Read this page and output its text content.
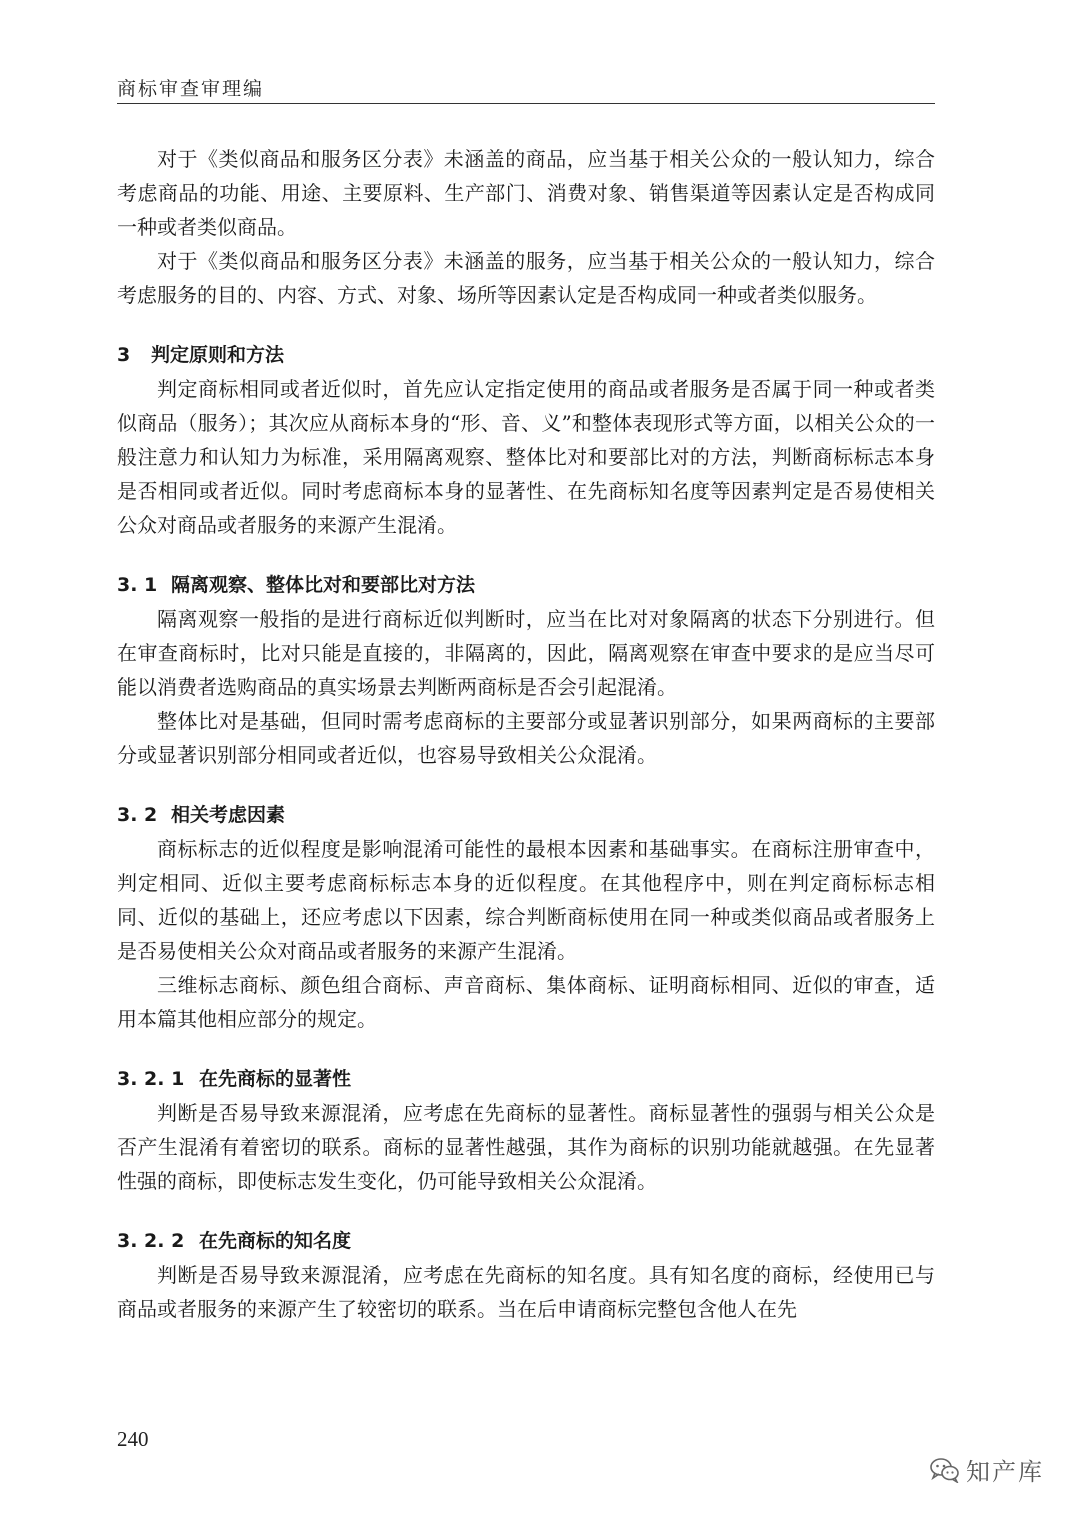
商标审查审理编

对于《类似商品和服务区分表》未涵盖的商品，应当基于相关公众的一般认知力，综合考虑商品的功能、用途、主要原料、生产部门、消费对象、销售渠道等因素认定是否构成同一种或者类似商品。

对于《类似商品和服务区分表》未涵盖的服务，应当基于相关公众的一般认知力，综合考虑服务的目的、内容、方式、对象、场所等因素认定是否构成同一种或者类似服务。

3	判定原则和方法

判定商标相同或者近似时，首先应认定指定使用的商品或者服务是否属于同一种或者类似商品（服务）；其次应从商标本身的“形、音、义”和整体表现形式等方面，以相关公众的一般注意力和认知力为标准，采用隔离观察、整体比对和要部比对的方法，判断商标标志本身是否相同或者近似。同时考虑商标本身的显著性、在先商标知名度等因素判定是否易使相关公众对商品或者服务的来源产生混淆。

3. 1 隔离观察、整体比对和要部比对方法

隔离观察一般指的是进行商标近似判断时，应当在比对对象隔离的状态下分别进行。但在审查商标时，比对只能是直接的，非隔离的，因此，隔离观察在审查中要求的是应当尽可能以消费者选购商品的真实场景去判断两商标是否会引起混淆。

整体比对是基础，但同时需考虑商标的主要部分或显著识别部分，如果两商标的主要部分或显著识别部分相同或者近似，也容易导致相关公众混淆。

3. 2 相关考虑因素

商标标志的近似程度是影响混淆可能性的最根本因素和基础事实。在商标注册审查中，判定相同、近似主要考虑商标标志本身的近似程度。在其他程序中，则在判定商标标志相同、近似的基础上，还应考虑以下因素，综合判断商标使用在同一种或类似商品或者服务上是否易使相关公众对商品或者服务的来源产生混淆。

三维标志商标、颜色组合商标、声音商标、集体商标、证明商标相同、近似的审查，适用本篇其他相应部分的规定。

3. 2. 1 在先商标的显著性

判断是否易导致来源混淆，应考虑在先商标的显著性。商标显著性的强弱与相关公众是否产生混淆有着密切的联系。商标的显著性越强，其作为商标的识别功能就越强。在先显著性强的商标，即使标志发生变化，仍可能导致相关公众混淆。

3. 2. 2 在先商标的知名度

判断是否易导致来源混淆，应考虑在先商标的知名度。具有知名度的商标，经使用已与商品或者服务的来源产生了较密切的联系。当在后申请商标完整包含他人在先

240
知产库
